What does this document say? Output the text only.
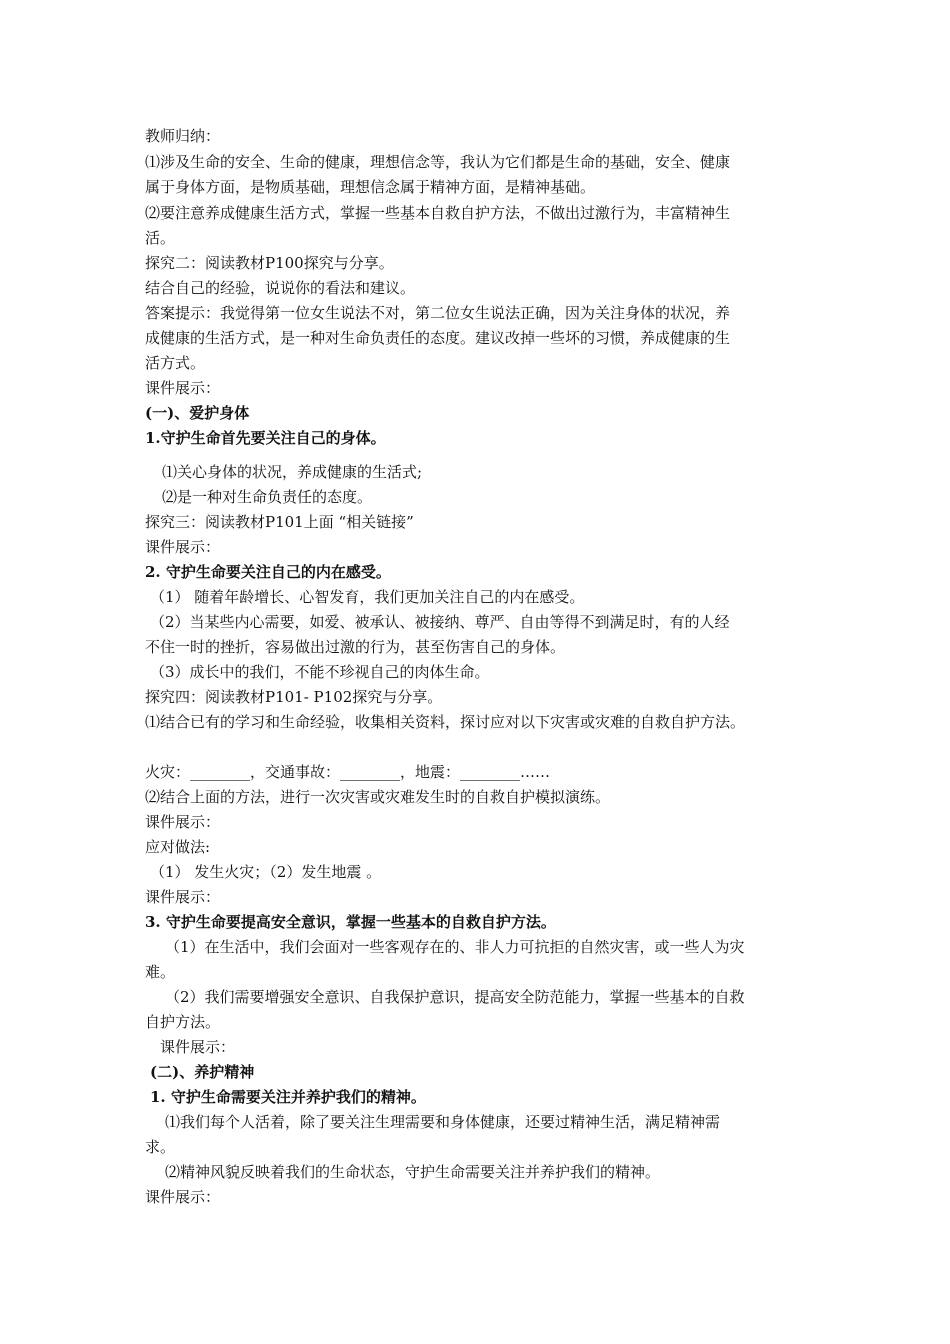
教师归纳：
⑴涉及生命的安全、生命的健康，理想信念等，我认为它们都是生命的基础，安全、健康
属于身体方面，是物质基础，理想信念属于精神方面，是精神基础。
⑵要注意养成健康生活方式，掌握一些基本自救自护方法，不做出过激行为，丰富精神生
活。
探究二：阅读教材P100探究与分享。
结合自己的经验，说说你的看法和建议。
答案提示：我觉得第一位女生说法不对，第二位女生说法正确，因为关注身体的状况，养
成健康的生活方式，是一种对生命负责任的态度。建议改掉一些坏的习惯，养成健康的生
活方式。
课件展示：
(一)、爱护身体
1.守护生命首先要关注自己的身体。
⑴关心身体的状况，养成健康的生活式;
⑵是一种对生命负责任的态度。
探究三：阅读教材P101上面 “相关链接”
课件展示：
2. 守护生命要关注自己的内在感受。
（1） 随着年龄增长、心智发育，我们更加关注自己的内在感受。
（2）当某些内心需要，如爱、被承认、被接纳、尊严、自由等得不到满足时，有的人经
不住一时的挫折，容易做出过激的行为，甚至伤害自己的身体。
（3）成长中的我们，不能不珍视自己的肉体生命。
探究四：阅读教材P101- P102探究与分享。
⑴结合已有的学习和生命经验，收集相关资料，探讨应对以下灾害或灾难的自救自护方法。
火灾：________，交通事故：________，地震：________……
⑵结合上面的方法，进行一次灾害或灾难发生时的自救自护模拟演练。
课件展示：
应对做法:
（1） 发生火灾；（2）发生地震 。
课件展示：
3. 守护生命要提高安全意识，掌握一些基本的自救自护方法。
（1）在生活中，我们会面对一些客观存在的、非人力可抗拒的自然灾害，或一些人为灾
难。
（2）我们需要增强安全意识、自我保护意识，提高安全防范能力，掌握一些基本的自救
自护方法。
课件展示：
(二)、养护精神
1. 守护生命需要关注并养护我们的精神。
⑴我们每个人活着，除了要关注生理需要和身体健康，还要过精神生活，满足精神需
求。
⑵精神风貌反映着我们的生命状态，守护生命需要关注并养护我们的精神。
课件展示：
